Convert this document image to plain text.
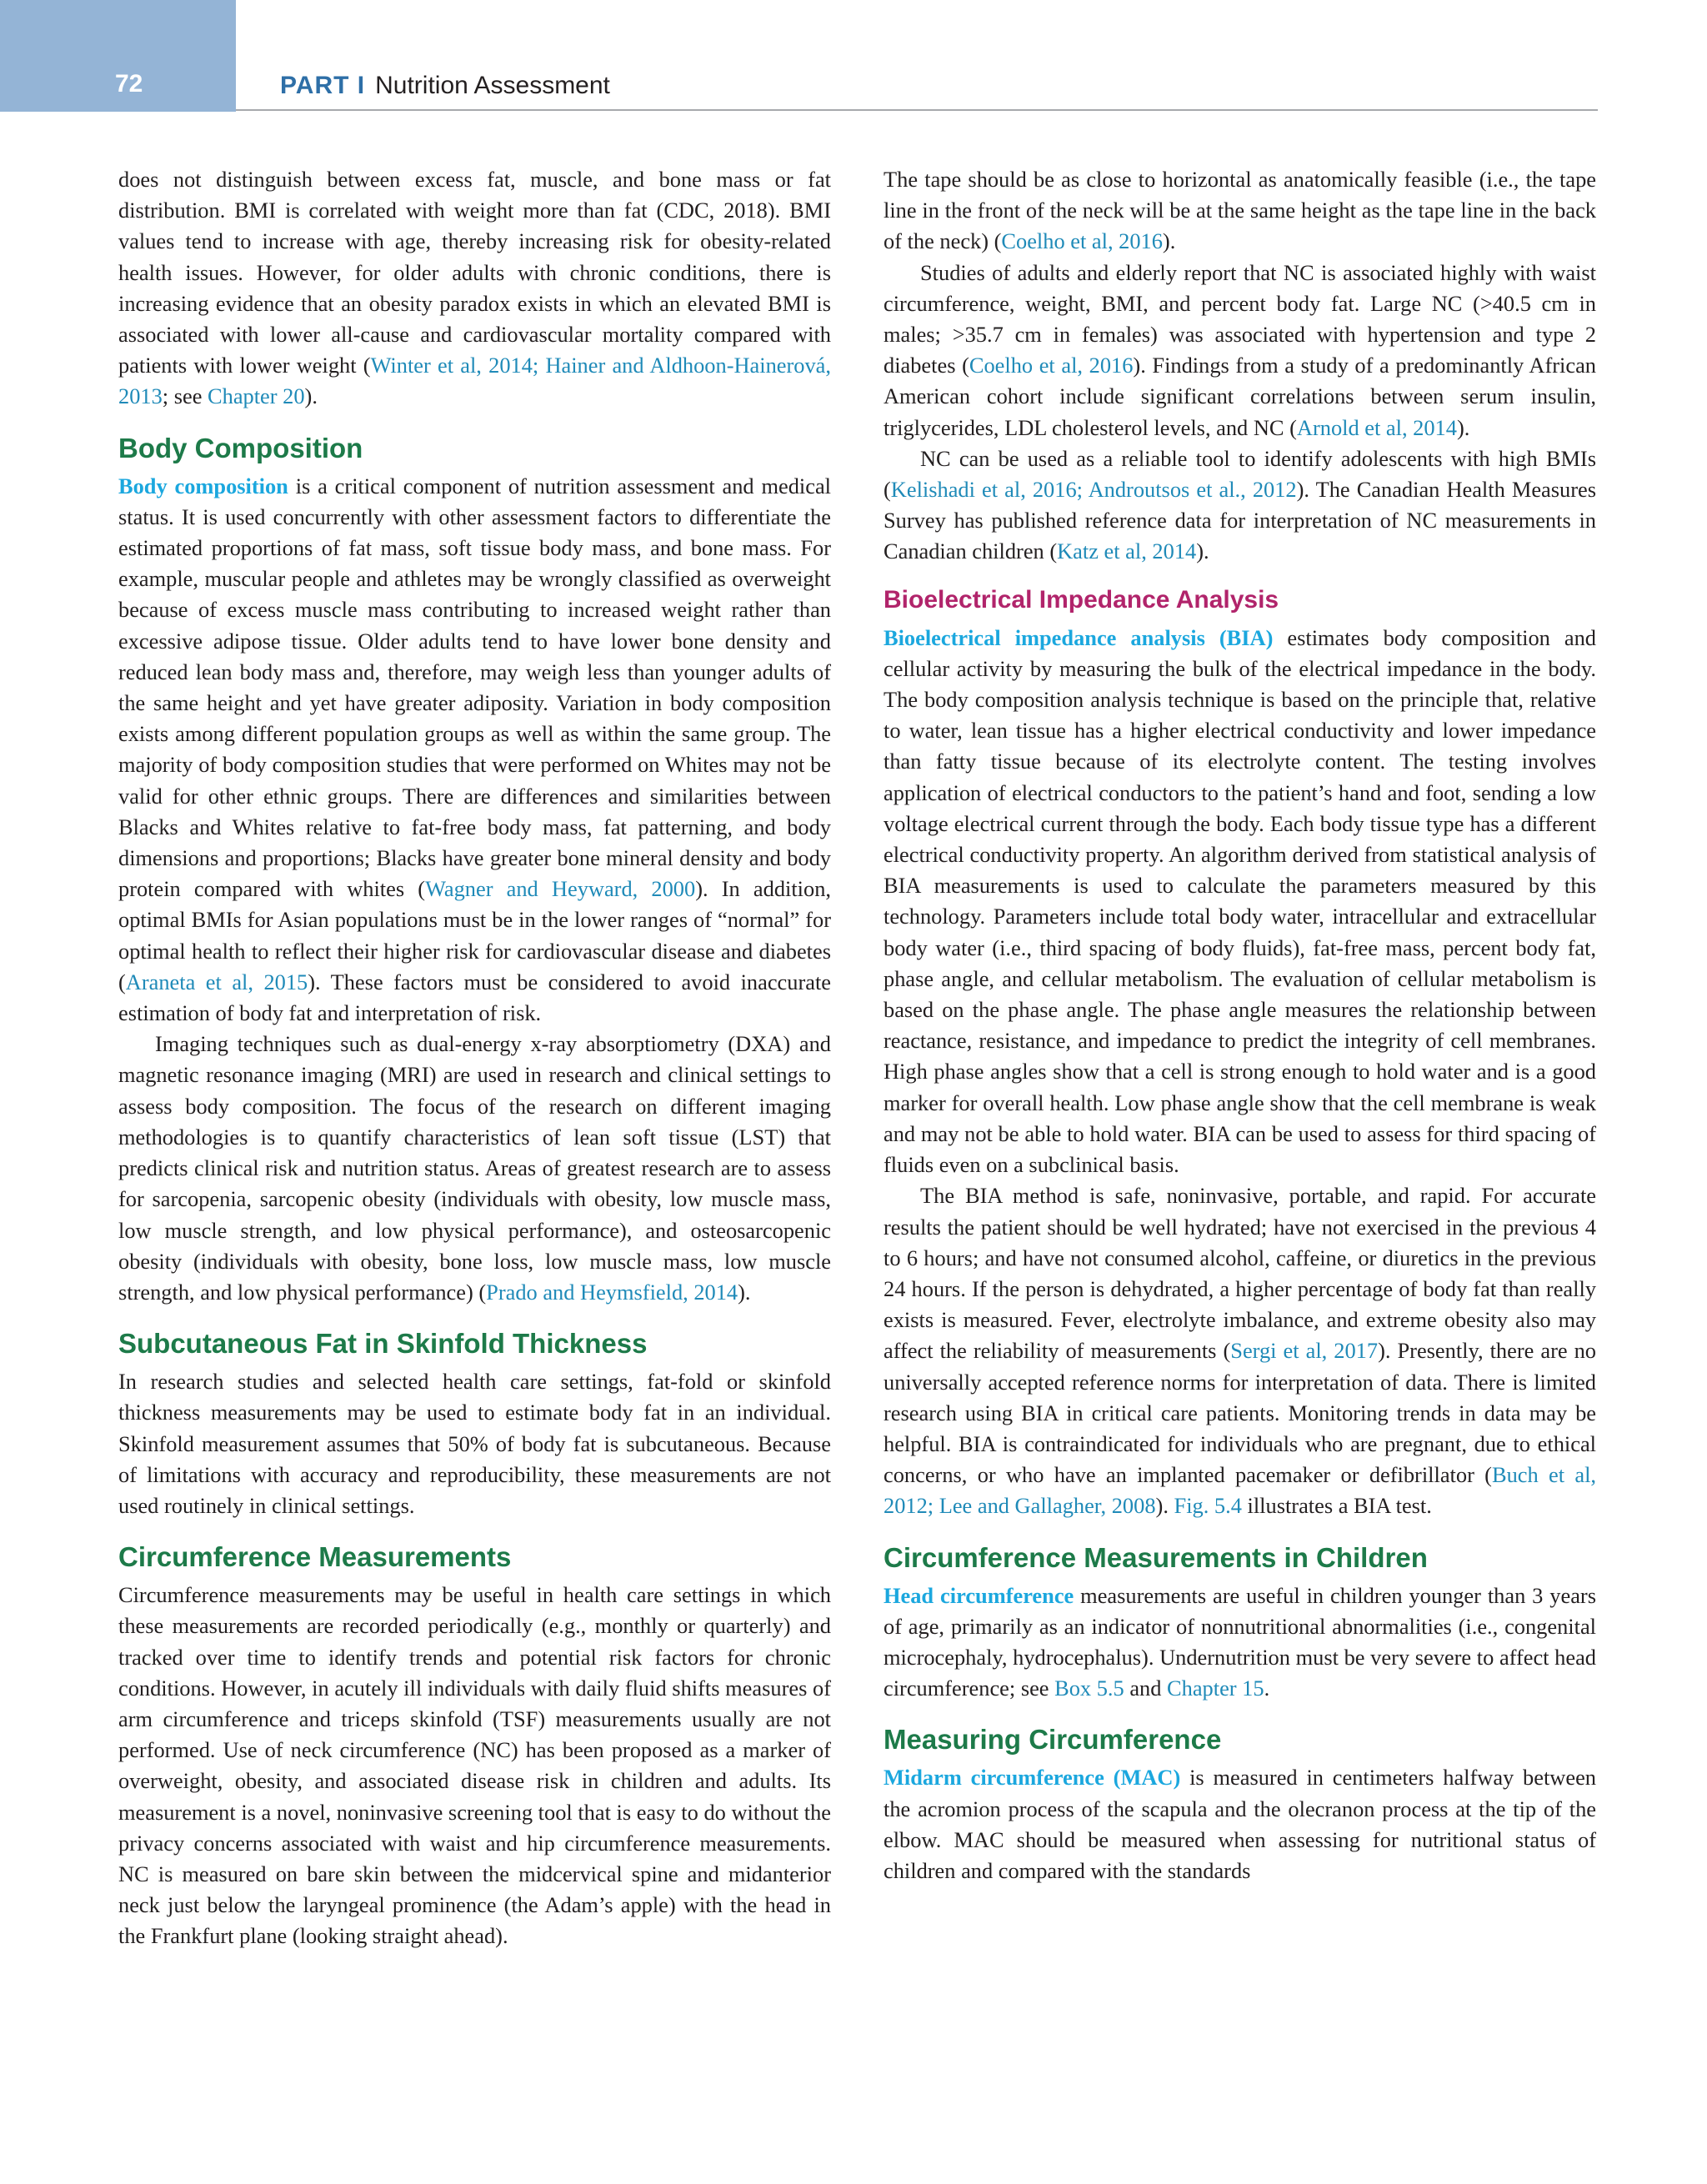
72	PART I Nutrition Assessment

does not distinguish between excess fat, muscle, and bone mass or fat distribution. BMI is correlated with weight more than fat (CDC, 2018). BMI values tend to increase with age, thereby increasing risk for obesity-related health issues. However, for older adults with chronic conditions, there is increasing evidence that an obesity paradox exists in which an elevated BMI is associated with lower all-cause and cardiovascular mortality compared with patients with lower weight (Winter et al, 2014; Hainer and Aldhoon-Hainerová, 2013; see Chapter 20).

Body Composition

Body composition is a critical component of nutrition assessment and medical status. It is used concurrently with other assessment factors to differentiate the estimated proportions of fat mass, soft tissue body mass, and bone mass. For example, muscular people and athletes may be wrongly classified as overweight because of excess muscle mass contributing to increased weight rather than excessive adipose tissue. Older adults tend to have lower bone density and reduced lean body mass and, therefore, may weigh less than younger adults of the same height and yet have greater adiposity. Variation in body composition exists among different population groups as well as within the same group. The majority of body composition studies that were performed on Whites may not be valid for other ethnic groups. There are differences and similarities between Blacks and Whites relative to fat-free body mass, fat patterning, and body dimensions and proportions; Blacks have greater bone mineral density and body protein compared with whites (Wagner and Heyward, 2000). In addition, optimal BMIs for Asian populations must be in the lower ranges of “normal” for optimal health to reflect their higher risk for cardiovascular disease and diabetes (Araneta et al, 2015). These factors must be considered to avoid inaccurate estimation of body fat and interpretation of risk.

Imaging techniques such as dual-energy x-ray absorptiometry (DXA) and magnetic resonance imaging (MRI) are used in research and clinical settings to assess body composition. The focus of the research on different imaging methodologies is to quantify characteristics of lean soft tissue (LST) that predicts clinical risk and nutrition status. Areas of greatest research are to assess for sarcopenia, sarcopenic obesity (individuals with obesity, low muscle mass, low muscle strength, and low physical performance), and osteosarcopenic obesity (individuals with obesity, bone loss, low muscle mass, low muscle strength, and low physical performance) (Prado and Heymsfield, 2014).

Subcutaneous Fat in Skinfold Thickness

In research studies and selected health care settings, fat-fold or skinfold thickness measurements may be used to estimate body fat in an individual. Skinfold measurement assumes that 50% of body fat is subcutaneous. Because of limitations with accuracy and reproducibility, these measurements are not used routinely in clinical settings.

Circumference Measurements

Circumference measurements may be useful in health care settings in which these measurements are recorded periodically (e.g., monthly or quarterly) and tracked over time to identify trends and potential risk factors for chronic conditions. However, in acutely ill individuals with daily fluid shifts measures of arm circumference and triceps skinfold (TSF) measurements usually are not performed. Use of neck circumference (NC) has been proposed as a marker of overweight, obesity, and associated disease risk in children and adults. Its measurement is a novel, noninvasive screening tool that is easy to do without the privacy concerns associated with waist and hip circumference measurements. NC is measured on bare skin between the midcervical spine and midanterior neck just below the laryngeal prominence (the Adam’s apple) with the head in the Frankfurt plane (looking straight ahead).

The tape should be as close to horizontal as anatomically feasible (i.e., the tape line in the front of the neck will be at the same height as the tape line in the back of the neck) (Coelho et al, 2016).

Studies of adults and elderly report that NC is associated highly with waist circumference, weight, BMI, and percent body fat. Large NC (>40.5 cm in males; >35.7 cm in females) was associated with hypertension and type 2 diabetes (Coelho et al, 2016). Findings from a study of a predominantly African American cohort include significant correlations between serum insulin, triglycerides, LDL cholesterol levels, and NC (Arnold et al, 2014).

NC can be used as a reliable tool to identify adolescents with high BMIs (Kelishadi et al, 2016; Androutsos et al., 2012). The Canadian Health Measures Survey has published reference data for interpretation of NC measurements in Canadian children (Katz et al, 2014).

Bioelectrical Impedance Analysis

Bioelectrical impedance analysis (BIA) estimates body composition and cellular activity by measuring the bulk of the electrical impedance in the body. The body composition analysis technique is based on the principle that, relative to water, lean tissue has a higher electrical conductivity and lower impedance than fatty tissue because of its electrolyte content. The testing involves application of electrical conductors to the patient’s hand and foot, sending a low voltage electrical current through the body. Each body tissue type has a different electrical conductivity property. An algorithm derived from statistical analysis of BIA measurements is used to calculate the parameters measured by this technology. Parameters include total body water, intracellular and extracellular body water (i.e., third spacing of body fluids), fat-free mass, percent body fat, phase angle, and cellular metabolism. The evaluation of cellular metabolism is based on the phase angle. The phase angle measures the relationship between reactance, resistance, and impedance to predict the integrity of cell membranes. High phase angles show that a cell is strong enough to hold water and is a good marker for overall health. Low phase angle show that the cell membrane is weak and may not be able to hold water. BIA can be used to assess for third spacing of fluids even on a subclinical basis.

The BIA method is safe, noninvasive, portable, and rapid. For accurate results the patient should be well hydrated; have not exercised in the previous 4 to 6 hours; and have not consumed alcohol, caffeine, or diuretics in the previous 24 hours. If the person is dehydrated, a higher percentage of body fat than really exists is measured. Fever, electrolyte imbalance, and extreme obesity also may affect the reliability of measurements (Sergi et al, 2017). Presently, there are no universally accepted reference norms for interpretation of data. There is limited research using BIA in critical care patients. Monitoring trends in data may be helpful. BIA is contraindicated for individuals who are pregnant, due to ethical concerns, or who have an implanted pacemaker or defibrillator (Buch et al, 2012; Lee and Gallagher, 2008). Fig. 5.4 illustrates a BIA test.

Circumference Measurements in Children

Head circumference measurements are useful in children younger than 3 years of age, primarily as an indicator of nonnutritional abnormalities (i.e., congenital microcephaly, hydrocephalus). Undernutrition must be very severe to affect head circumference; see Box 5.5 and Chapter 15.

Measuring Circumference

Midarm circumference (MAC) is measured in centimeters halfway between the acromion process of the scapula and the olecranon process at the tip of the elbow. MAC should be measured when assessing for nutritional status of children and compared with the standards
